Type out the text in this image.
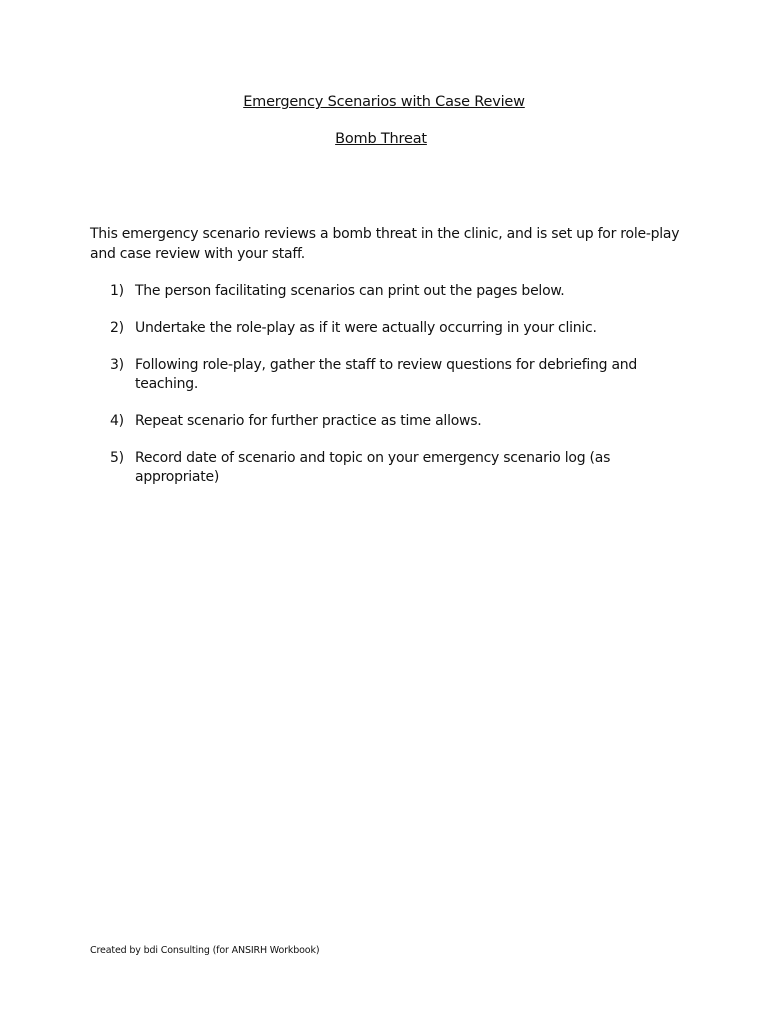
Emergency Scenarios with Case Review
Bomb Threat
This emergency scenario reviews a bomb threat in the clinic, and is set up for role-play and case review with your staff.
1) The person facilitating scenarios can print out the pages below.
2) Undertake the role-play as if it were actually occurring in your clinic.
3) Following role-play, gather the staff to review questions for debriefing and teaching.
4) Repeat scenario for further practice as time allows.
5) Record date of scenario and topic on your emergency scenario log (as appropriate)
Created by bdi Consulting (for ANSIRH Workbook)
